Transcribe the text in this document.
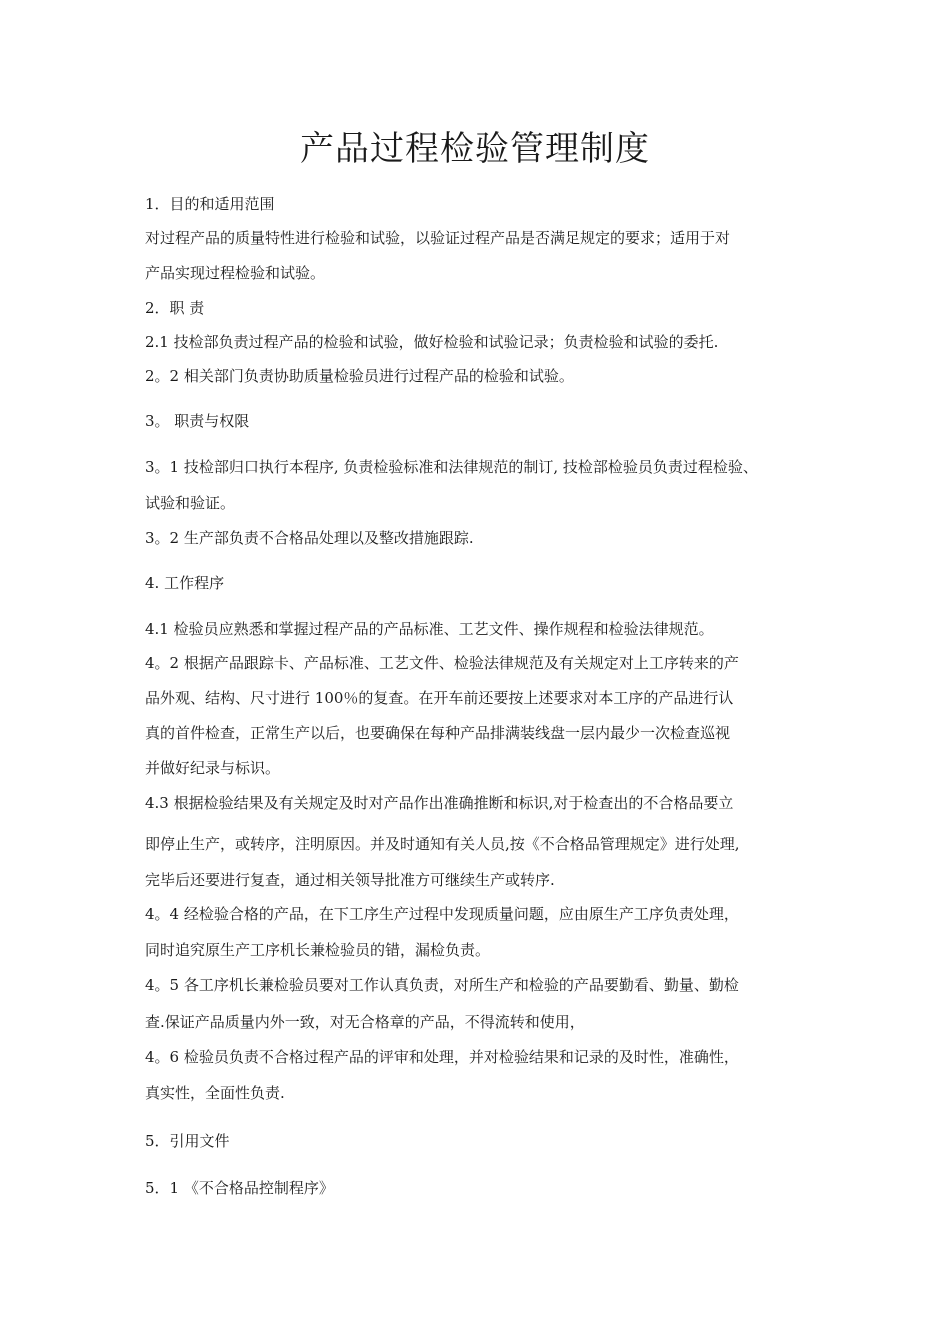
产品过程检验管理制度
1．目的和适用范围
对过程产品的质量特性进行检验和试验，以验证过程产品是否满足规定的要求；适用于对
产品实现过程检验和试验。
2．职 责
2.1 技检部负责过程产品的检验和试验，做好检验和试验记录；负责检验和试验的委托.
2。2 相关部门负责协助质量检验员进行过程产品的检验和试验。
3。 职责与权限
3。1 技检部归口执行本程序, 负责检验标准和法律规范的制订, 技检部检验员负责过程检验、
试验和验证。
3。2 生产部负责不合格品处理以及整改措施跟踪.
4. 工作程序
4.1 检验员应熟悉和掌握过程产品的产品标准、工艺文件、操作规程和检验法律规范。
4。2 根据产品跟踪卡、产品标准、工艺文件、检验法律规范及有关规定对上工序转来的产
品外观、结构、尺寸进行 100％的复查。在开车前还要按上述要求对本工序的产品进行认
真的首件检查，正常生产以后，也要确保在每种产品排满装线盘一层内最少一次检查巡视
并做好纪录与标识。
4.3 根据检验结果及有关规定及时对产品作出准确推断和标识,对于检查出的不合格品要立
即停止生产，或转序，注明原因。并及时通知有关人员,按《不合格品管理规定》进行处理,
完毕后还要进行复查，通过相关领导批准方可继续生产或转序.
4。4 经检验合格的产品，在下工序生产过程中发现质量问题，应由原生产工序负责处理，
同时追究原生产工序机长兼检验员的错，漏检负责。
4。5 各工序机长兼检验员要对工作认真负责，对所生产和检验的产品要勤看、勤量、勤检
查.保证产品质量内外一致，对无合格章的产品，不得流转和使用，
4。6 检验员负责不合格过程产品的评审和处理，并对检验结果和记录的及时性，准确性，
真实性，全面性负责.
5．引用文件
5．1 《不合格品控制程序》
